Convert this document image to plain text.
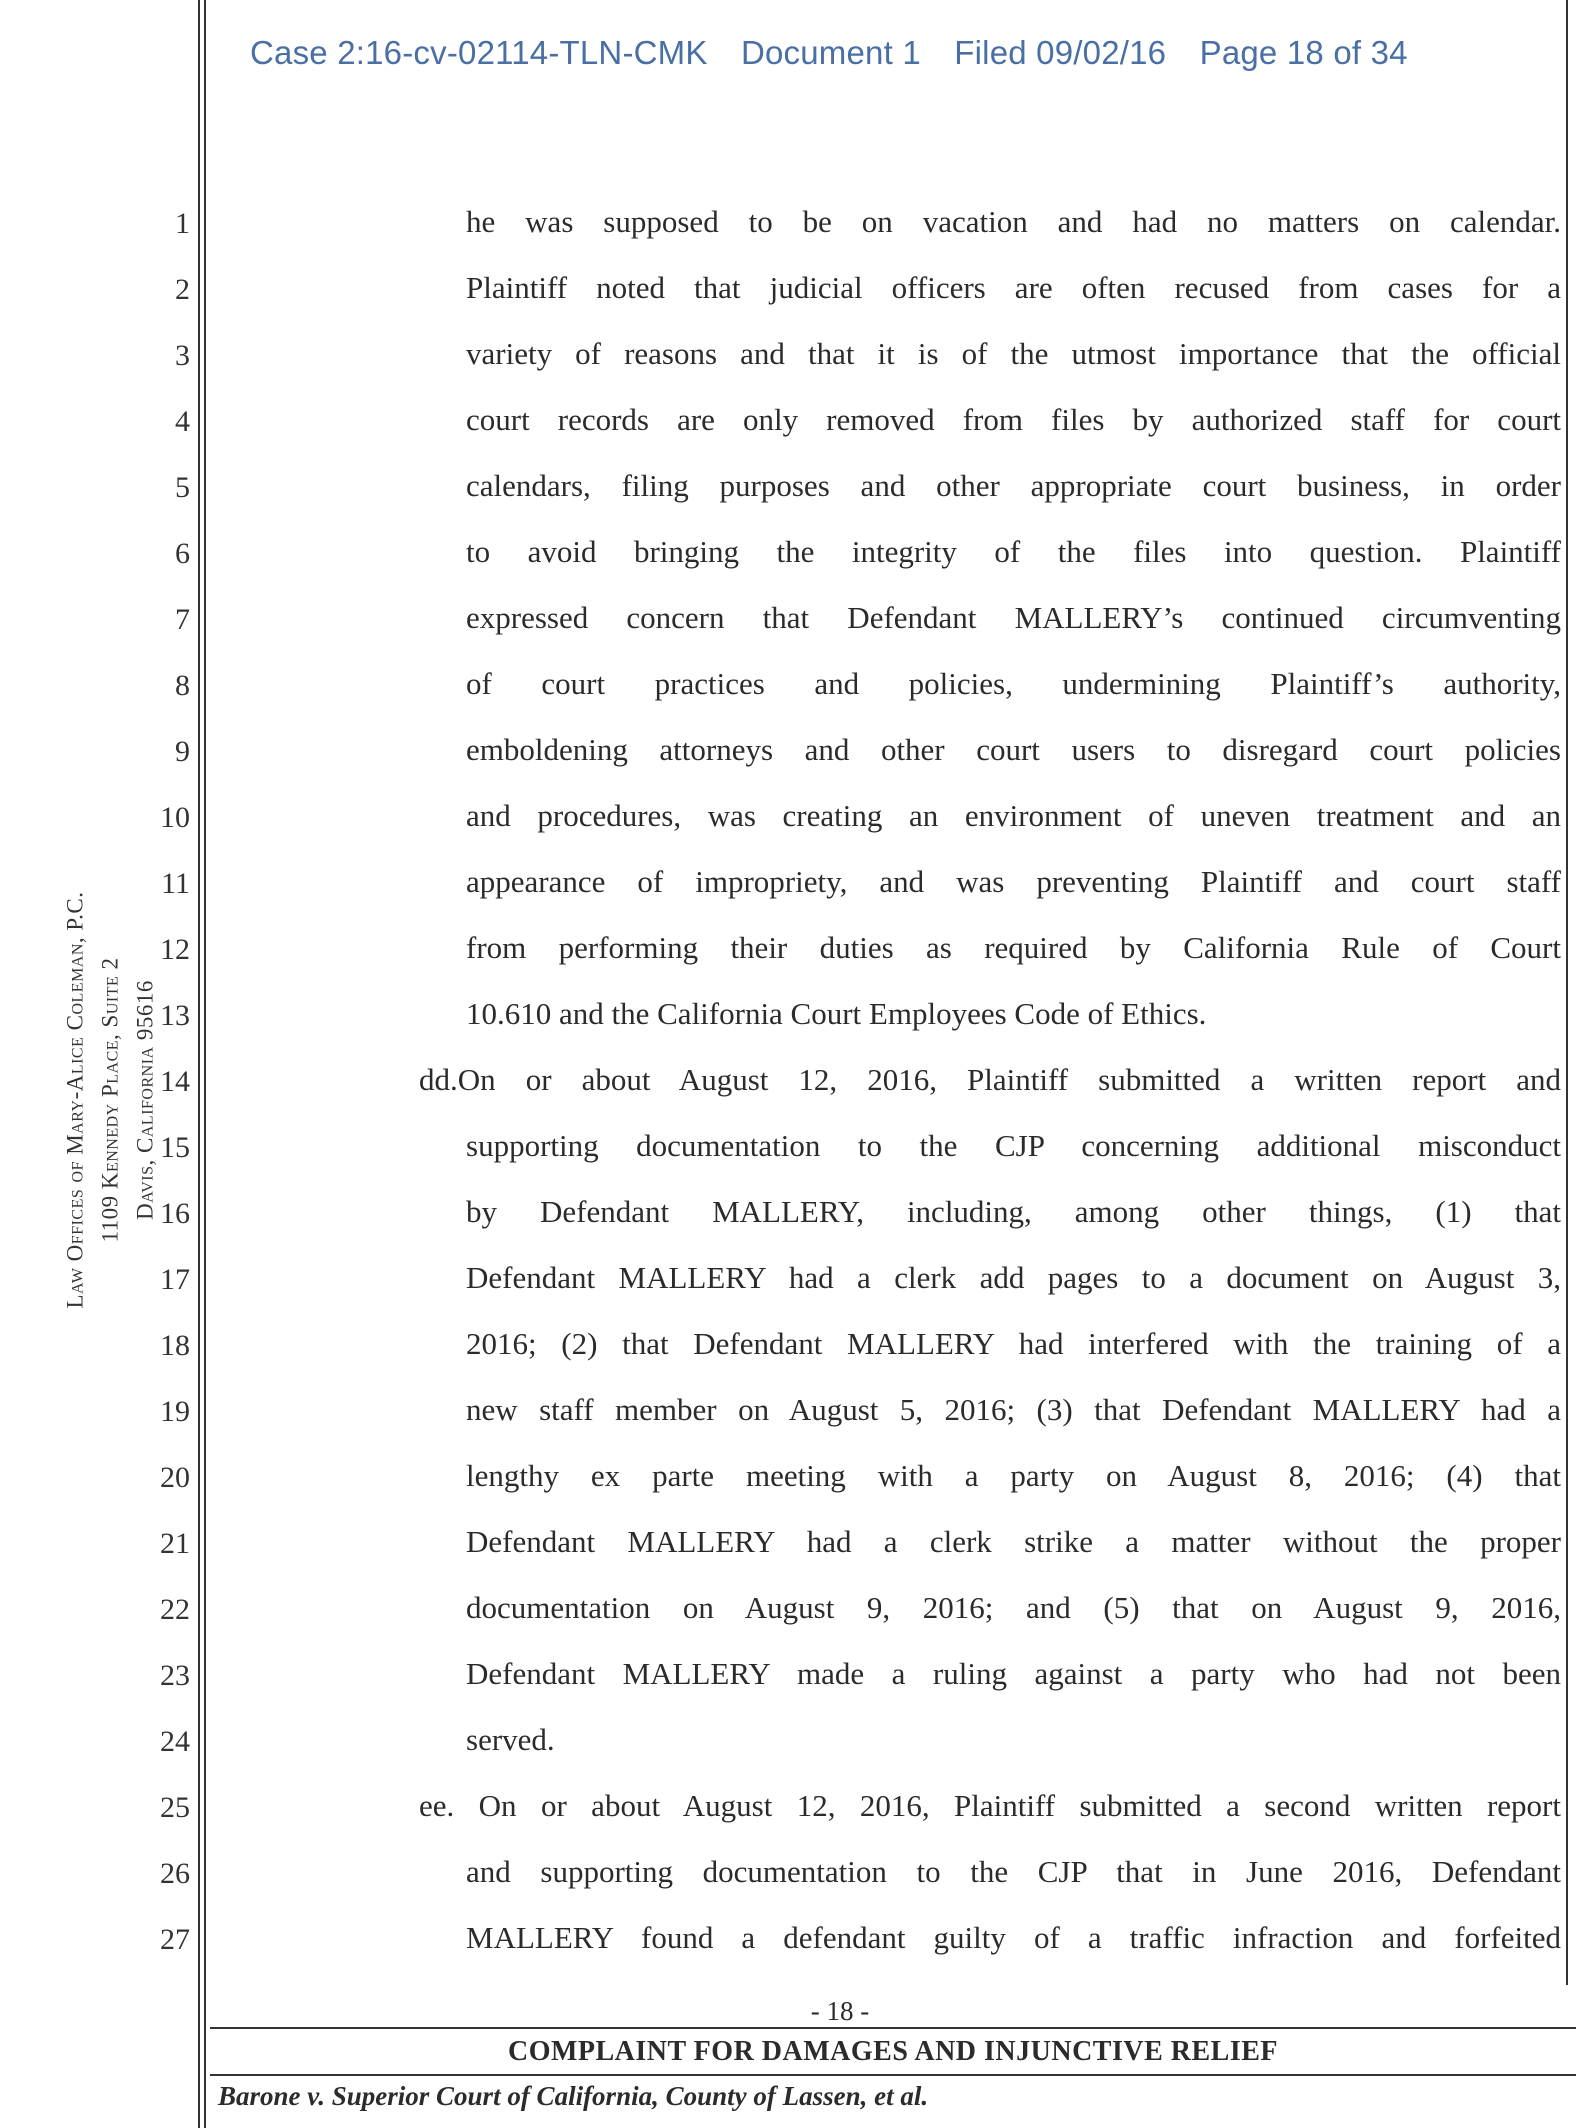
Case 2:16-cv-02114-TLN-CMK Document 1 Filed 09/02/16 Page 18 of 34
Law Offices of Mary-Alice Coleman, P.C. 1109 Kennedy Place, Suite 2 Davis, California 95616
1
2
3
4
5
6
7
8
9
10
11
12
13
14
15
16
17
18
19
20
21
22
23
24
25
26
27
he was supposed to be on vacation and had no matters on calendar.
Plaintiff noted that judicial officers are often recused from cases for a
variety of reasons and that it is of the utmost importance that the official
court records are only removed from files by authorized staff for court
calendars, filing purposes and other appropriate court business, in order
to avoid bringing the integrity of the files into question. Plaintiff
expressed concern that Defendant MALLERY’s continued circumventing
of court practices and policies, undermining Plaintiff’s authority,
emboldening attorneys and other court users to disregard court policies
and procedures, was creating an environment of uneven treatment and an
appearance of impropriety, and was preventing Plaintiff and court staff
from performing their duties as required by California Rule of Court
10.610 and the California Court Employees Code of Ethics.
dd.On or about August 12, 2016, Plaintiff submitted a written report and
supporting documentation to the CJP concerning additional misconduct
by Defendant MALLERY, including, among other things, (1) that
Defendant MALLERY had a clerk add pages to a document on August 3,
2016; (2) that Defendant MALLERY had interfered with the training of a
new staff member on August 5, 2016; (3) that Defendant MALLERY had a
lengthy ex parte meeting with a party on August 8, 2016; (4) that
Defendant MALLERY had a clerk strike a matter without the proper
documentation on August 9, 2016; and (5) that on August 9, 2016,
Defendant MALLERY made a ruling against a party who had not been
served.
ee. On or about August 12, 2016, Plaintiff submitted a second written report
and supporting documentation to the CJP that in June 2016, Defendant
MALLERY found a defendant guilty of a traffic infraction and forfeited
- 18 -
COMPLAINT FOR DAMAGES AND INJUNCTIVE RELIEF
Barone v. Superior Court of California, County of Lassen, et al.
